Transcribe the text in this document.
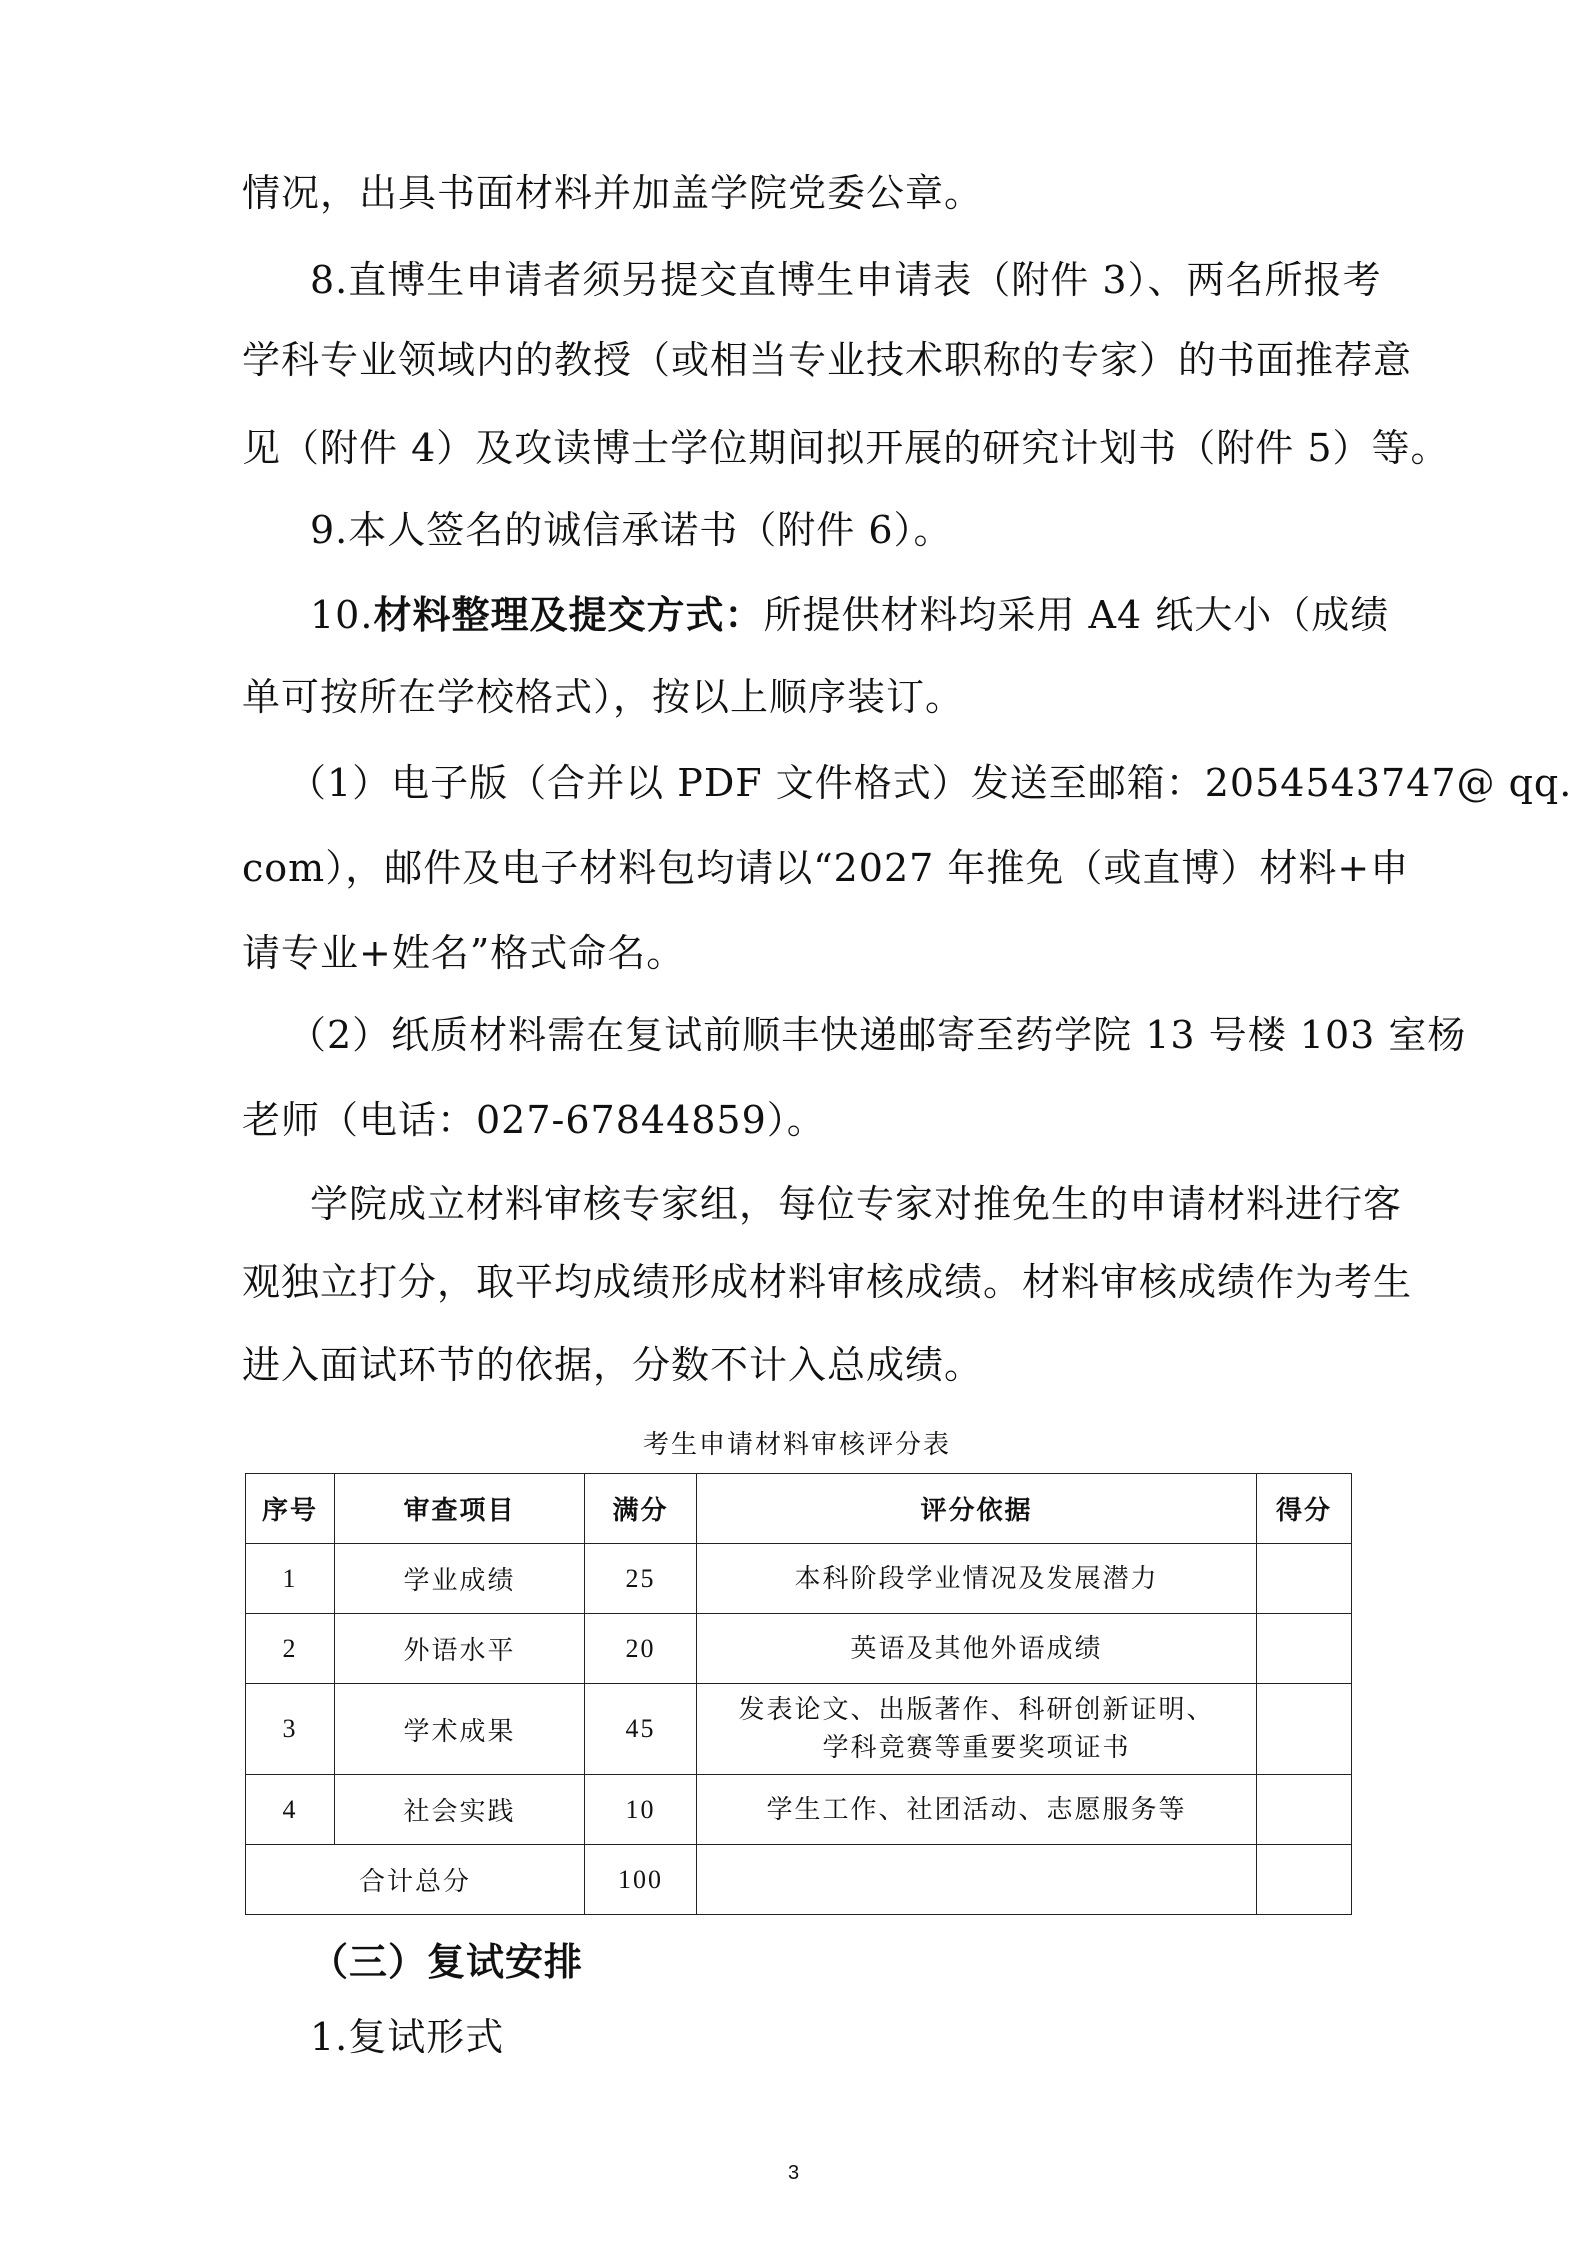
情况，出具书面材料并加盖学院党委公章。
8.直博生申请者须另提交直博生申请表（附件 3）、两名所报考
学科专业领域内的教授（或相当专业技术职称的专家）的书面推荐意
见（附件 4）及攻读博士学位期间拟开展的研究计划书（附件 5）等。
9.本人签名的诚信承诺书（附件 6）。
10.材料整理及提交方式：所提供材料均采用 A4 纸大小（成绩
单可按所在学校格式），按以上顺序装订。
（1）电子版（合并以 PDF 文件格式）发送至邮箱：2054543747@ qq.
com），邮件及电子材料包均请以“2027 年推免（或直博）材料+申
请专业+姓名”格式命名。
（2）纸质材料需在复试前顺丰快递邮寄至药学院 13 号楼 103 室杨
老师（电话：027-67844859）。
学院成立材料审核专家组，每位专家对推免生的申请材料进行客
观独立打分，取平均成绩形成材料审核成绩。材料审核成绩作为考生
进入面试环节的依据，分数不计入总成绩。
考生申请材料审核评分表
序号	审查项目	满分	评分依据	得分
1	学业成绩	25	本科阶段学业情况及发展潜力	

2	外语水平	20	英语及其他外语成绩	

3	学术成果	45	发表论文、出版著作、科研创新证明、
学科竞赛等重要奖项证书	

4	社会实践	10	学生工作、社团活动、志愿服务等	

合计总分		100		
（三）复试安排
1.复试形式
3
